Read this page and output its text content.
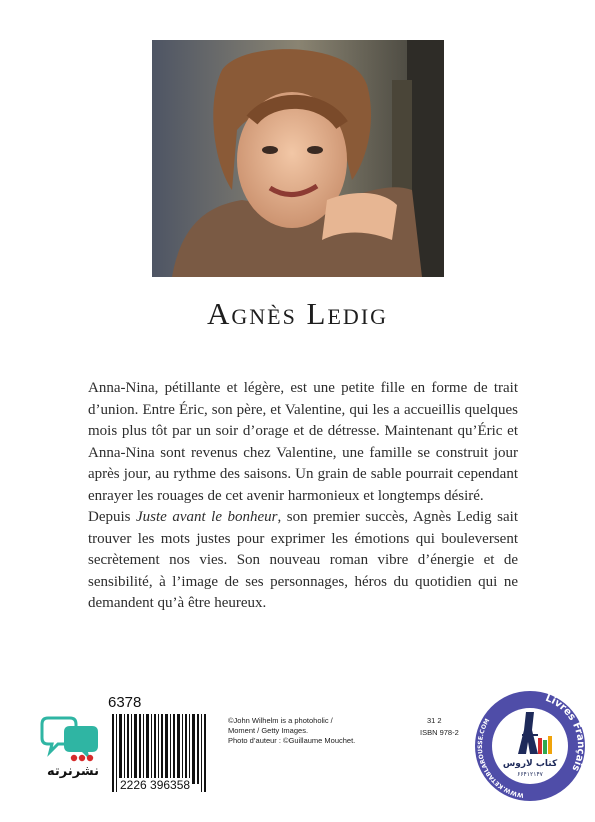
Agnès Ledig

Anna-Nina, pétillante et légère, est une petite fille en forme de trait d’union. Entre Éric, son père, et Valentine, qui les a accueillis quelques mois plus tôt par un soir d’orage et de détresse. Maintenant qu’Éric et Anna-Nina sont revenus chez Valentine, une famille se construit jour après jour, au rythme des saisons. Un grain de sable pourrait cependant enrayer les rouages de cet avenir harmonieux et longtemps désiré.

Depuis Juste avant le bonheur, son premier succès, Agnès Ledig sait trouver les mots justes pour exprimer les émotions qui bouleversent secrètement nos vies. Son nouveau roman vibre d’énergie et de sensibilité, à l’image de ses personnages, héros du quotidien qui ne demandent qu’à être heureux.

6378
2226 396358
©John Wilhelm is a photoholic /
Moment / Getty Images.
Photo d’auteur : ©Guillaume Mouchet.
31 2
ISBN 978-2
نشرنرته
Livres Français
WWW.KETABLAROUSSE.COM
کتاب لاروس
۶۶۴۱۲۱۴۷
